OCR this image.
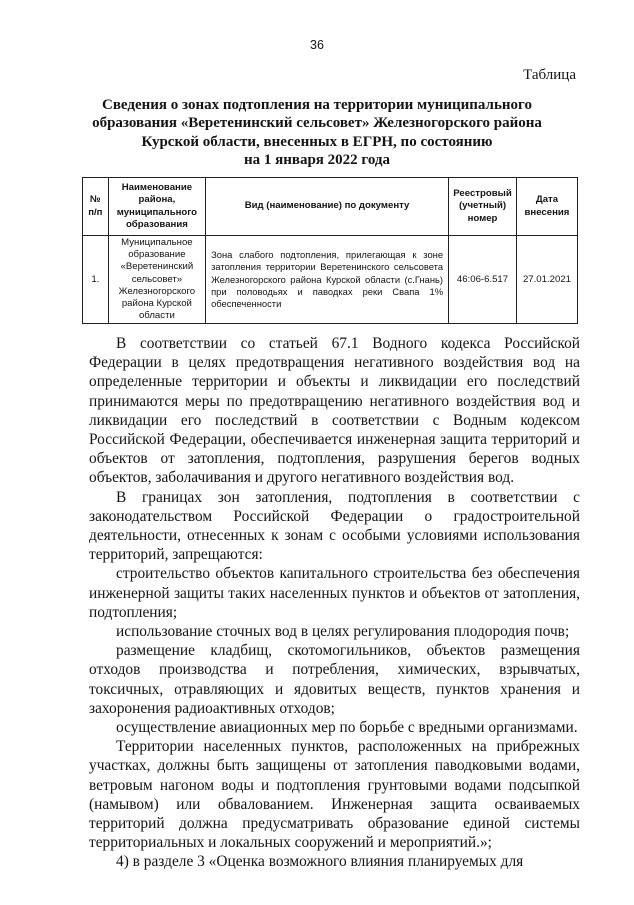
36
Таблица
Сведения о зонах подтопления на территории муниципального
образования «Веретенинский сельсовет» Железногорского района
Курской области, внесенных в ЕГРН, по состоянию
на 1 января 2022 года
№ п/п	Наименование района, муниципального образования	Вид (наименование) по документу	Реестровый (учетный) номер	Дата внесения
1.	Муниципальное образование «Веретенинский сельсовет» Железногорского района Курской области	Зона слабого подтопления, прилегающая к зоне затопления территории Веретенинского сельсовета Железногорского района Курской области (с.Гнань) при половодьях и паводках реки Свапа 1% обеспеченности	46:06-6.517	27.01.2021

В соответствии со статьей 67.1 Водного кодекса Российской Федерации в целях предотвращения негативного воздействия вод на определенные территории и объекты и ликвидации его последствий принимаются меры по предотвращению негативного воздействия вод и ликвидации его последствий в соответствии с Водным кодексом Российской Федерации, обеспечивается инженерная защита территорий и объектов от затопления, подтопления, разрушения берегов водных объектов, заболачивания и другого негативного воздействия вод.

В границах зон затопления, подтопления в соответствии с законодательством Российской Федерации о градостроительной деятельности, отнесенных к зонам с особыми условиями использования территорий, запрещаются:

строительство объектов капитального строительства без обеспечения инженерной защиты таких населенных пунктов и объектов от затопления, подтопления;

использование сточных вод в целях регулирования плодородия почв;

размещение кладбищ, скотомогильников, объектов размещения отходов производства и потребления, химических, взрывчатых, токсичных, отравляющих и ядовитых веществ, пунктов хранения и захоронения радиоактивных отходов;

осуществление авиационных мер по борьбе с вредными организмами.

Территории населенных пунктов, расположенных на прибрежных участках, должны быть защищены от затопления паводковыми водами, ветровым нагоном воды и подтопления грунтовыми водами подсыпкой (намывом) или обвалованием. Инженерная защита осваиваемых территорий должна предусматривать образование единой системы территориальных и локальных сооружений и мероприятий.»;

4) в разделе 3 «Оценка возможного влияния планируемых для
